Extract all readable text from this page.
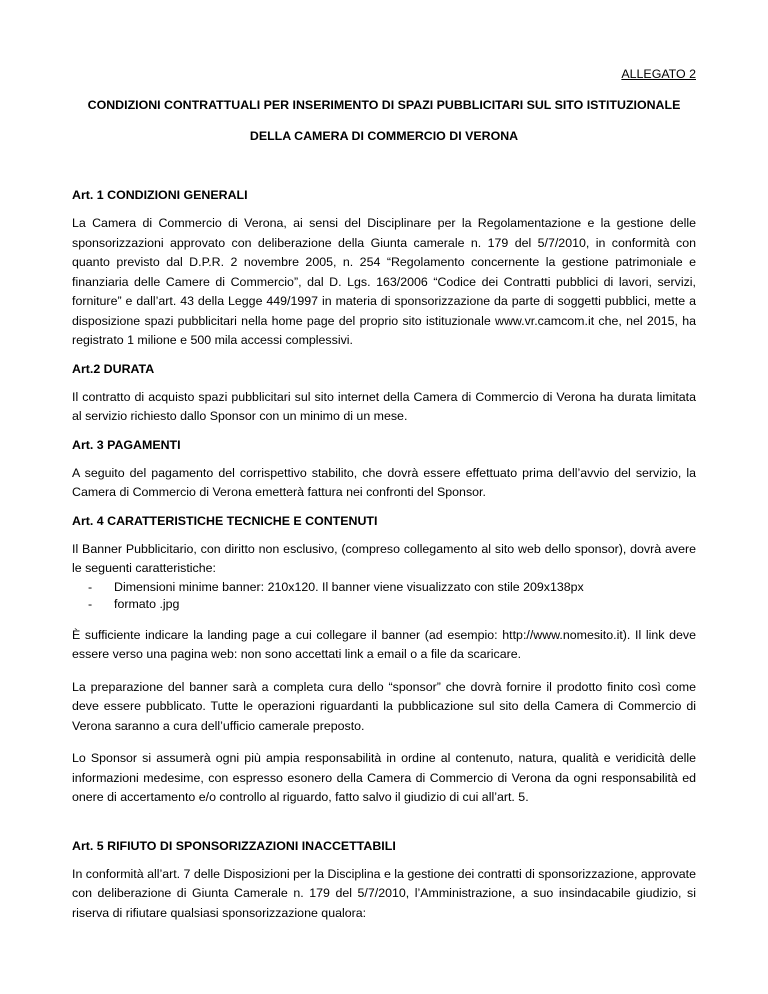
ALLEGATO 2

CONDIZIONI CONTRATTUALI PER INSERIMENTO DI SPAZI PUBBLICITARI SUL SITO ISTITUZIONALE

DELLA CAMERA DI COMMERCIO DI VERONA

Art. 1 CONDIZIONI GENERALI

La Camera di Commercio di Verona, ai sensi del Disciplinare per la Regolamentazione e la gestione delle sponsorizzazioni approvato con deliberazione della Giunta camerale n. 179 del 5/7/2010, in conformità con quanto previsto dal D.P.R. 2 novembre 2005, n. 254 “Regolamento concernente la gestione patrimoniale e finanziaria delle Camere di Commercio”, dal D. Lgs. 163/2006 “Codice dei Contratti pubblici di lavori, servizi, forniture” e dall’art. 43 della Legge 449/1997 in materia di sponsorizzazione da parte di soggetti pubblici, mette a disposizione spazi pubblicitari nella home page del proprio sito istituzionale www.vr.camcom.it che, nel 2015, ha registrato 1 milione e 500 mila accessi complessivi.

Art.2 DURATA

Il contratto di acquisto spazi pubblicitari sul sito internet della Camera di Commercio di Verona ha durata limitata al servizio richiesto dallo Sponsor con un minimo di un mese.

Art. 3 PAGAMENTI

A seguito del pagamento del corrispettivo stabilito, che dovrà essere effettuato prima dell’avvio del servizio, la Camera di Commercio di Verona emetterà fattura nei confronti del Sponsor.

Art. 4 CARATTERISTICHE TECNICHE E CONTENUTI

Il Banner Pubblicitario, con diritto non esclusivo, (compreso collegamento al sito web dello sponsor), dovrà avere le seguenti caratteristiche:

- Dimensioni minime banner: 210x120. Il banner viene visualizzato con stile 209x138px
- formato .jpg

È sufficiente indicare la landing page a cui collegare il banner (ad esempio: http://www.nomesito.it). Il link deve essere verso una pagina web: non sono accettati link a email o a file da scaricare.

La preparazione del banner sarà a completa cura dello “sponsor” che dovrà fornire il prodotto finito così come deve essere pubblicato. Tutte le operazioni riguardanti la pubblicazione sul sito della Camera di Commercio di Verona saranno a cura dell’ufficio camerale preposto.

Lo Sponsor si assumerà ogni più ampia responsabilità in ordine al contenuto, natura, qualità e veridicità delle informazioni medesime, con espresso esonero della Camera di Commercio di Verona da ogni responsabilità ed onere di accertamento e/o controllo al riguardo, fatto salvo il giudizio di cui all’art. 5.

Art. 5 RIFIUTO DI SPONSORIZZAZIONI INACCETTABILI

In conformità all’art. 7 delle Disposizioni per la Disciplina e la gestione dei contratti di sponsorizzazione, approvate con deliberazione di Giunta Camerale n. 179 del 5/7/2010, l’Amministrazione, a suo insindacabile giudizio, si riserva di rifiutare qualsiasi sponsorizzazione qualora:
